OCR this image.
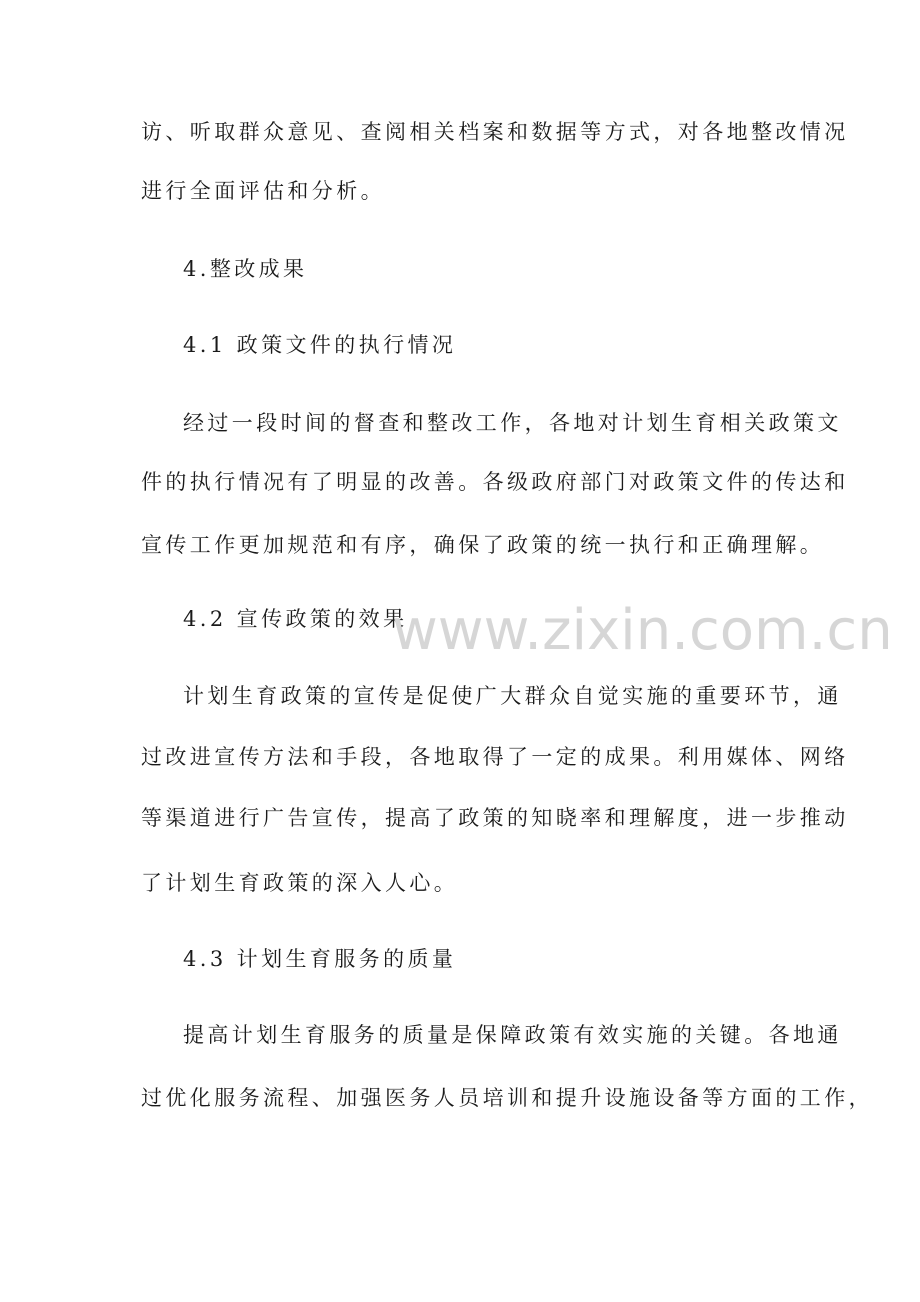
访、听取群众意见、查阅相关档案和数据等方式，对各地整改情况
进行全面评估和分析。
4.整改成果
4.1 政策文件的执行情况
经过一段时间的督查和整改工作，各地对计划生育相关政策文
件的执行情况有了明显的改善。各级政府部门对政策文件的传达和
宣传工作更加规范和有序，确保了政策的统一执行和正确理解。
4.2 宣传政策的效果
计划生育政策的宣传是促使广大群众自觉实施的重要环节，通
过改进宣传方法和手段，各地取得了一定的成果。利用媒体、网络
等渠道进行广告宣传，提高了政策的知晓率和理解度，进一步推动
了计划生育政策的深入人心。
4.3 计划生育服务的质量
提高计划生育服务的质量是保障政策有效实施的关键。各地通
过优化服务流程、加强医务人员培训和提升设施设备等方面的工作，
www.zixin.com.cn
